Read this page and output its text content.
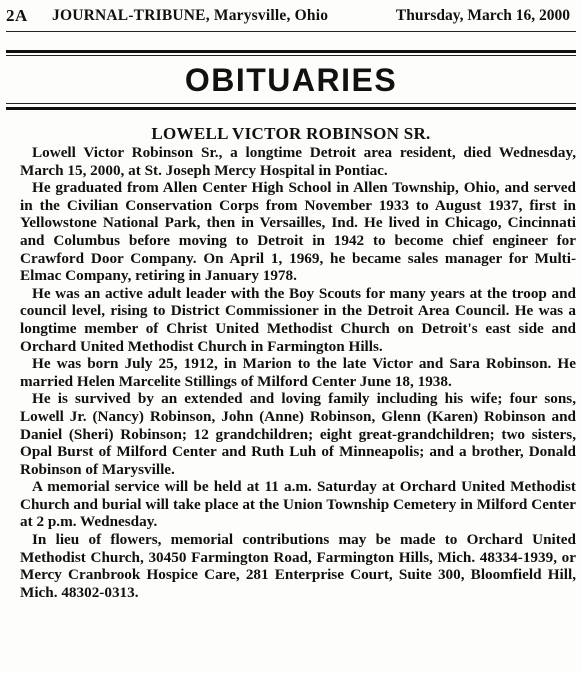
2A JOURNAL-TRIBUNE, Marysville, Ohio	Thursday, March 16, 2000
OBITUARIES
LOWELL VICTOR ROBINSON SR.

Lowell Victor Robinson Sr., a longtime Detroit area resident, died Wednesday, March 15, 2000, at St. Joseph Mercy Hospital in Pontiac.

He graduated from Allen Center High School in Allen Township, Ohio, and served in the Civilian Conservation Corps from November 1933 to August 1937, first in Yellowstone National Park, then in Versailles, Ind. He lived in Chicago, Cincinnati and Columbus before moving to Detroit in 1942 to become chief engineer for Crawford Door Company. On April 1, 1969, he became sales manager for Multi-Elmac Company, retiring in January 1978.

He was an active adult leader with the Boy Scouts for many years at the troop and council level, rising to District Commissioner in the Detroit Area Council. He was a longtime member of Christ United Methodist Church on Detroit's east side and Orchard United Methodist Church in Farmington Hills.

He was born July 25, 1912, in Marion to the late Victor and Sara Robinson. He married Helen Marcelite Stillings of Milford Center June 18, 1938.

He is survived by an extended and loving family including his wife; four sons, Lowell Jr. (Nancy) Robinson, John (Anne) Robinson, Glenn (Karen) Robinson and Daniel (Sheri) Robinson; 12 grandchildren; eight great-grandchildren; two sisters, Opal Burst of Milford Center and Ruth Luh of Minneapolis; and a brother, Donald Robinson of Marysville.

A memorial service will be held at 11 a.m. Saturday at Orchard United Methodist Church and burial will take place at the Union Township Cemetery in Milford Center at 2 p.m. Wednesday.

In lieu of flowers, memorial contributions may be made to Orchard United Methodist Church, 30450 Farmington Road, Farmington Hills, Mich. 48334-1939, or Mercy Cranbrook Hospice Care, 281 Enterprise Court, Suite 300, Bloomfield Hill, Mich. 48302-0313.
